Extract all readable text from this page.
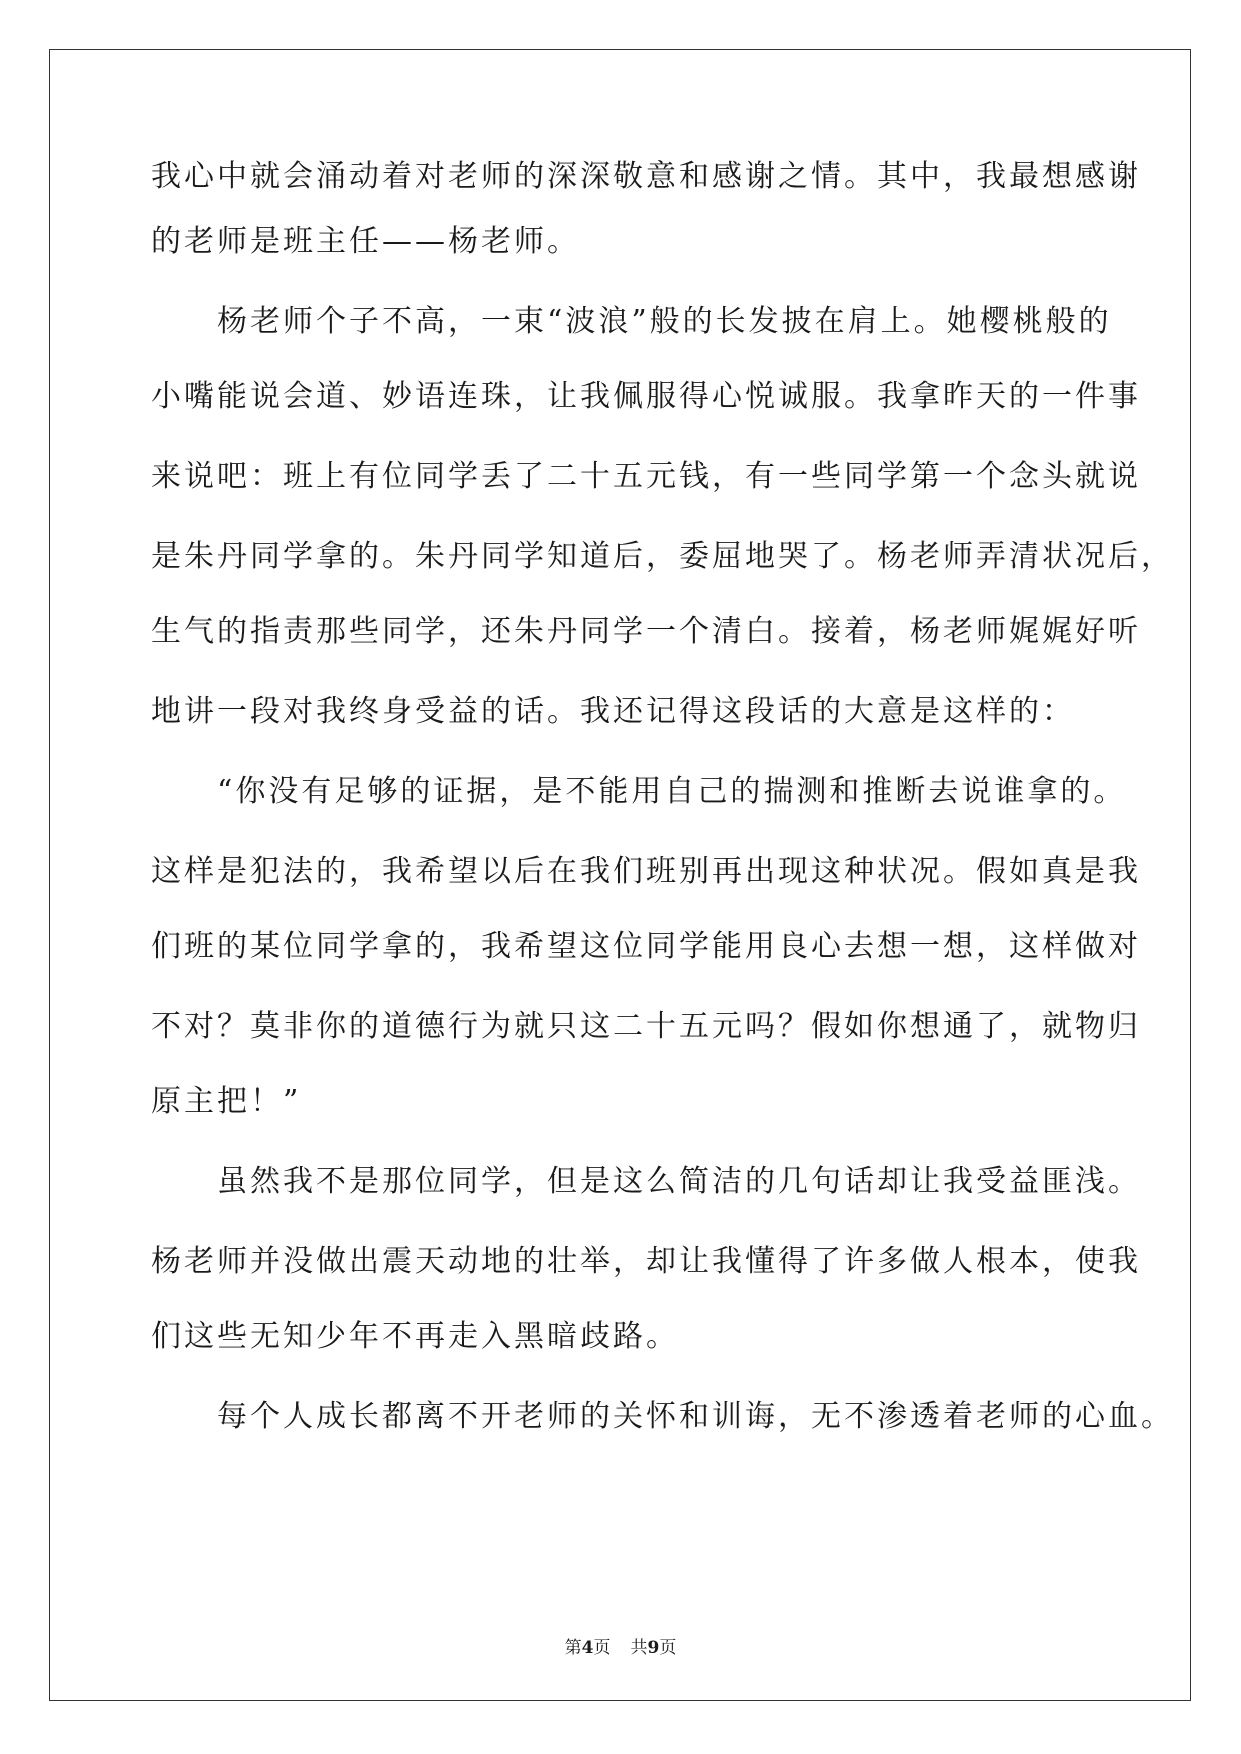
我心中就会涌动着对老师的深深敬意和感谢之情。其中，我最想感谢
的老师是班主任——杨老师。
　　杨老师个子不高，一束“波浪”般的长发披在肩上。她樱桃般的
小嘴能说会道、妙语连珠，让我佩服得心悦诚服。我拿昨天的一件事
来说吧：班上有位同学丢了二十五元钱，有一些同学第一个念头就说
是朱丹同学拿的。朱丹同学知道后，委屈地哭了。杨老师弄清状况后，
生气的指责那些同学，还朱丹同学一个清白。接着，杨老师娓娓好听
地讲一段对我终身受益的话。我还记得这段话的大意是这样的：
　　“你没有足够的证据，是不能用自己的揣测和推断去说谁拿的。
这样是犯法的，我希望以后在我们班别再出现这种状况。假如真是我
们班的某位同学拿的，我希望这位同学能用良心去想一想，这样做对
不对？莫非你的道德行为就只这二十五元吗？假如你想通了，就物归
原主把！”
　　虽然我不是那位同学，但是这么简洁的几句话却让我受益匪浅。
杨老师并没做出震天动地的壮举，却让我懂得了许多做人根本，使我
们这些无知少年不再走入黑暗歧路。
　　每个人成长都离不开老师的关怀和训诲，无不渗透着老师的心血。
第4页 共9页
